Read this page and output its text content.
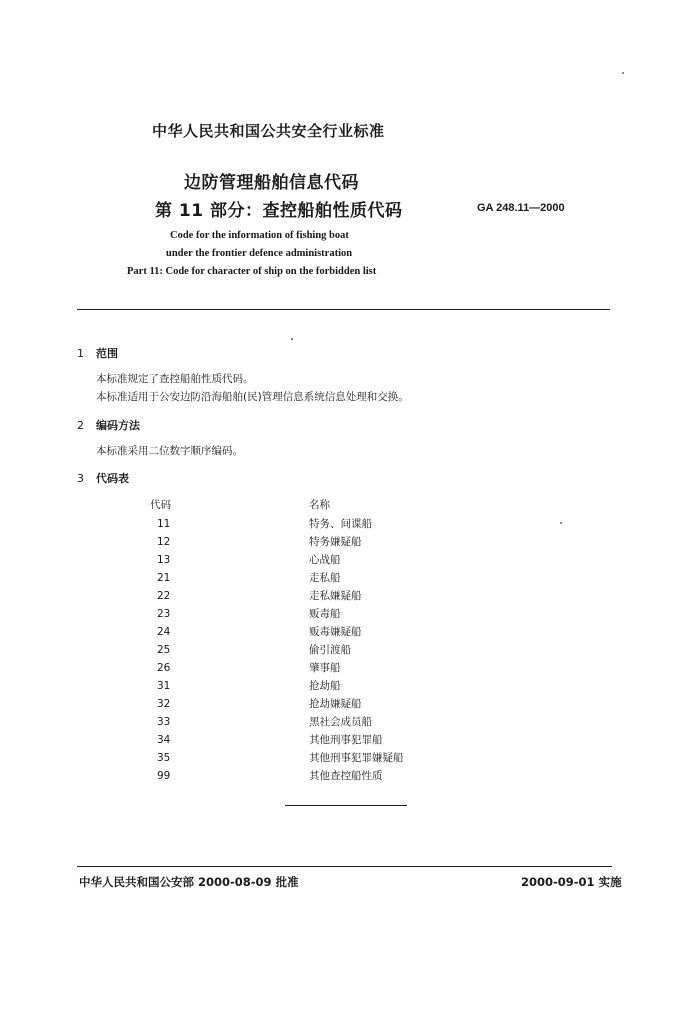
中华人民共和国公共安全行业标准
边防管理船舶信息代码
第 11 部分：查控船舶性质代码	GA 248.11—2000
Code for the information of fishing boat
under the frontier defence administration
Part 11: Code for character of ship on the forbidden list
1 范围
本标准规定了查控船舶性质代码。
本标准适用于公安边防沿海船舶(民)管理信息系统信息处理和交换。
2 编码方法
本标准采用二位数字顺序编码。
3 代码表
代码	名称
11	特务、间谍船
12	特务嫌疑船
13	心战船
21	走私船
22	走私嫌疑船
23	贩毒船
24	贩毒嫌疑船
25	偷引渡船
26	肇事船
31	抢劫船
32	抢劫嫌疑船
33	黑社会成员船
34	其他刑事犯罪船
35	其他刑事犯罪嫌疑船
99	其他查控船性质
中华人民共和国公安部 2000-08-09 批准	2000-09-01 实施
